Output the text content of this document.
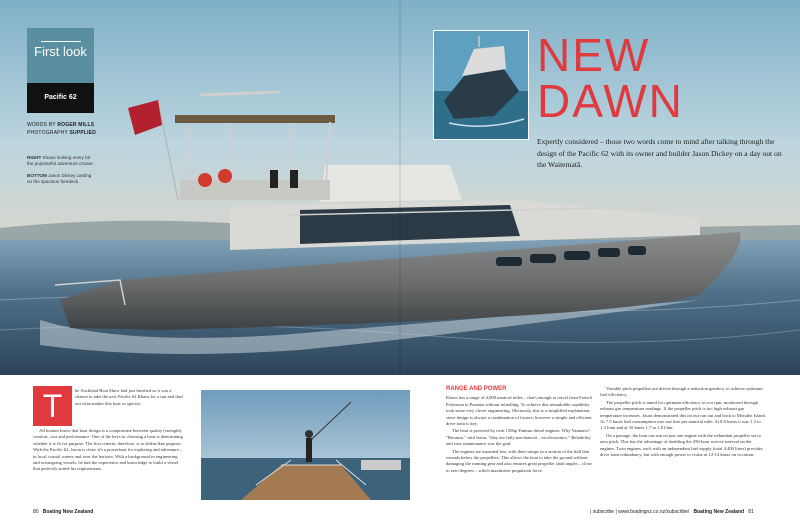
First look
Pacific 62
WORDS BY ROGER MILLS
PHOTOGRAPHY SUPPLIED
RIGHT Khaos looking every bit the purposeful adventure cruiser.
BOTTOM Jason Dickey casting on the spacious foredeck.
NEW
DAWN
Expertly considered – those two words come to mind after talking through the design of the Pacific 62 with its owner and builder Jason Dickey on a day out on the Waitematā.
T	he Auckland Boat Show had just finished so it was a chance to take the new Pacific 62 Khaos for a run and find out what makes this boat so special.

All boaties know that boat design is a compromise between quality (strength), comfort, cost and performance. One of the keys to choosing a boat is determining whether it is fit for purpose. The first criteria, therefore, is to define that purpose. With the Pacific 62, Jason is clear: it's a powerboat for exploring and adventure – in local coastal waters and over the horizon. With a background in engineering and oceangoing vessels, he had the experience and knowledge to build a vessel that perfectly suited his requirements.

RANGE AND POWER

Khaos has a range of 4,000 nautical miles – that's enough to travel from French Polynesia to Panama without refuelling. To achieve this remarkable capability took some very clever engineering. Obviously, this is a simplified explanation, since design is always a combination of factors; however a simple and efficient drive train is key.

The boat is powered by twin 150hp Yanmar diesel engines. Why Yanmars? "Because," said Jason, "they are fully mechanical – no electronics." Reliability and easy maintenance was the goal.

The engines are mounted low, with their sumps in a section of the hull that extends below the propellers. This allows the boat to take the ground without damaging the running gear and also ensures great propeller shaft angles – close to zero degrees – which maximises propulsion force.

Variable pitch propellers are driven through a reduction gearbox, to achieve optimum fuel efficiency.

The propeller pitch is tuned for optimum efficiency at wot rpm, monitored through exhaust gas temperature readings. If the propeller pitch is too high exhaust gas temperature increases. Jason demonstrated this on our run out and back to Motuihe Island. At 7.5 knots fuel consumption was one litre per nautical mile. At 8.0 knots it was 1.2 to 1.3 l/nm and at 10 knots 1.7 to 1.8 l/nm.

On a passage, the boat can run on just one engine with the redundant propeller set to zero pitch. This has the advantage of doubling the 250-hour service interval on the engines. Twin engines, each with an independent fuel supply (total 4,400 litres) provides drive train redundancy, but with enough power to cruise at 12-14 knots on occasion.

80 Boating New Zealand	| subscribe | www.boatingnz.co.nz/subscribe/ Boating New Zealand 81
